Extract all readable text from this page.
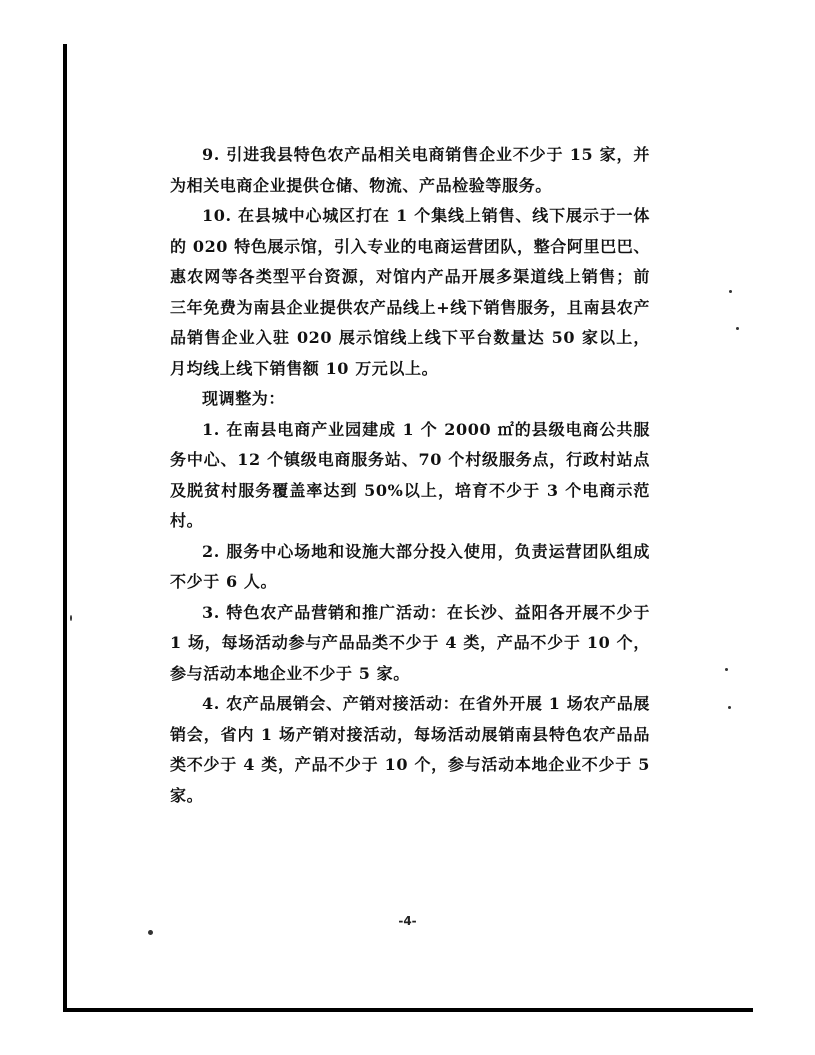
9. 引进我县特色农产品相关电商销售企业不少于 15 家，并为相关电商企业提供仓储、物流、产品检验等服务。

10. 在县城中心城区打在 1 个集线上销售、线下展示于一体的 020 特色展示馆，引入专业的电商运营团队，整合阿里巴巴、惠农网等各类型平台资源，对馆内产品开展多渠道线上销售；前三年免费为南县企业提供农产品线上+线下销售服务，且南县农产品销售企业入驻 020 展示馆线上线下平台数量达 50 家以上，月均线上线下销售额 10 万元以上。

现调整为：

1. 在南县电商产业园建成 1 个 2000 ㎡的县级电商公共服务中心、12 个镇级电商服务站、70 个村级服务点，行政村站点及脱贫村服务覆盖率达到 50%以上，培育不少于 3 个电商示范村。

2. 服务中心场地和设施大部分投入使用，负责运营团队组成不少于 6 人。

3. 特色农产品营销和推广活动：在长沙、益阳各开展不少于 1 场，每场活动参与产品品类不少于 4 类，产品不少于 10 个，参与活动本地企业不少于 5 家。

4. 农产品展销会、产销对接活动：在省外开展 1 场农产品展销会，省内 1 场产销对接活动，每场活动展销南县特色农产品品类不少于 4 类，产品不少于 10 个，参与活动本地企业不少于 5 家。

-4-
